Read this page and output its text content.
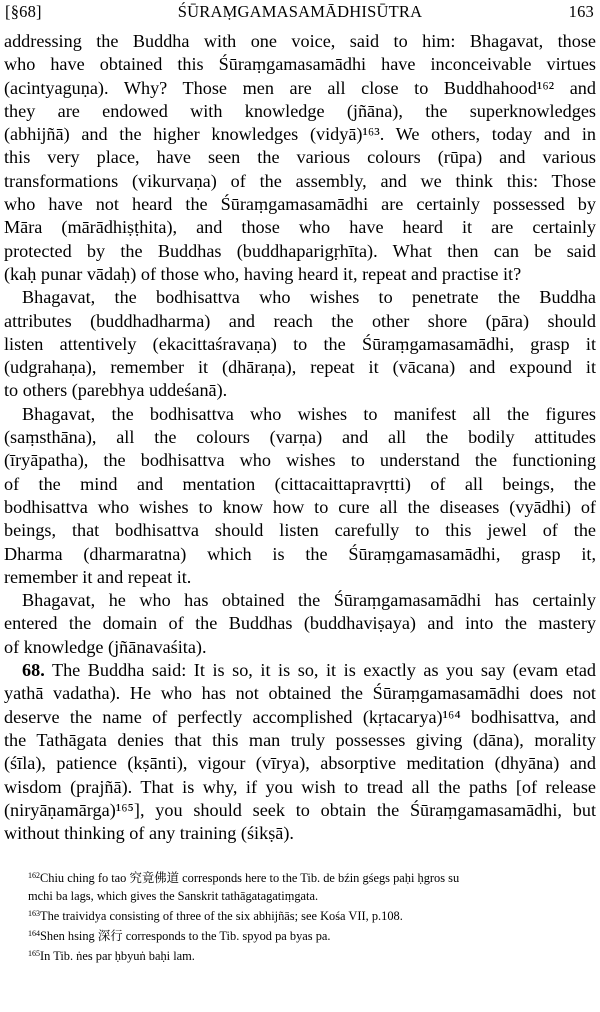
[§68]	ŚŪRAṂGAMASAMĀDHISŪTRA	163

addressing the Buddha with one voice, said to him: Bhagavat, those
who have obtained this Śūraṃgamasamādhi have inconceivable virtues
(acintyaguṇa). Why? Those men are all close to Buddhahood¹⁶² and
they are endowed with knowledge (jñāna), the superknowledges
(abhijñā) and the higher knowledges (vidyā)¹⁶³. We others, today and in
this very place, have seen the various colours (rūpa) and various
transformations (vikurvaṇa) of the assembly, and we think this: Those
who have not heard the Śūraṃgamasamādhi are certainly possessed by
Māra (mārādhiṣṭhita), and those who have heard it are certainly
protected by the Buddhas (buddhaparigṛhīta). What then can be said
(kaḥ punar vādaḥ) of those who, having heard it, repeat and practise it?

Bhagavat, the bodhisattva who wishes to penetrate the Buddha
attributes (buddhadharma) and reach the other shore (pāra) should
listen attentively (ekacittaśravaṇa) to the Śūraṃgamasamādhi, grasp it
(udgrahaṇa), remember it (dhāraṇa), repeat it (vācana) and expound it
to others (parebhya uddeśanā).

Bhagavat, the bodhisattva who wishes to manifest all the figures
(saṃsthāna), all the colours (varṇa) and all the bodily attitudes
(īryāpatha), the bodhisattva who wishes to understand the functioning
of the mind and mentation (cittacaittapravṛtti) of all beings, the
bodhisattva who wishes to know how to cure all the diseases (vyādhi) of
beings, that bodhisattva should listen carefully to this jewel of the
Dharma (dharmaratna) which is the Śūraṃgamasamādhi, grasp it,
remember it and repeat it.

Bhagavat, he who has obtained the Śūraṃgamasamādhi has certainly
entered the domain of the Buddhas (buddhaviṣaya) and into the mastery
of knowledge (jñānavaśita).

68. The Buddha said: It is so, it is so, it is exactly as you say (evam etad
yathā vadatha). He who has not obtained the Śūraṃgamasamādhi does not
deserve the name of perfectly accomplished (kṛtacarya)¹⁶⁴ bodhisattva, and
the Tathāgata denies that this man truly possesses giving (dāna), morality
(śīla), patience (kṣānti), vigour (vīrya), absorptive meditation (dhyāna) and
wisdom (prajñā). That is why, if you wish to tread all the paths [of release
(niryāṇamārga)¹⁶⁵], you should seek to obtain the Śūraṃgamasamādhi, but
without thinking of any training (śikṣā).

$^{162}$Chiu ching fo tao 究竟佛道 corresponds here to the Tib. de bźin gśegs paḥi ḥgros su
mchi ba lags, which gives the Sanskrit tathāgatagatiṃgata.
$^{163}$The traividya consisting of three of the six abhijñās; see Kośa VII, p.108.
$^{164}$Shen hsing 深行 corresponds to the Tib. spyod pa byas pa.
$^{165}$In Tib. ṅes par ḥbyuṅ baḥi lam.
